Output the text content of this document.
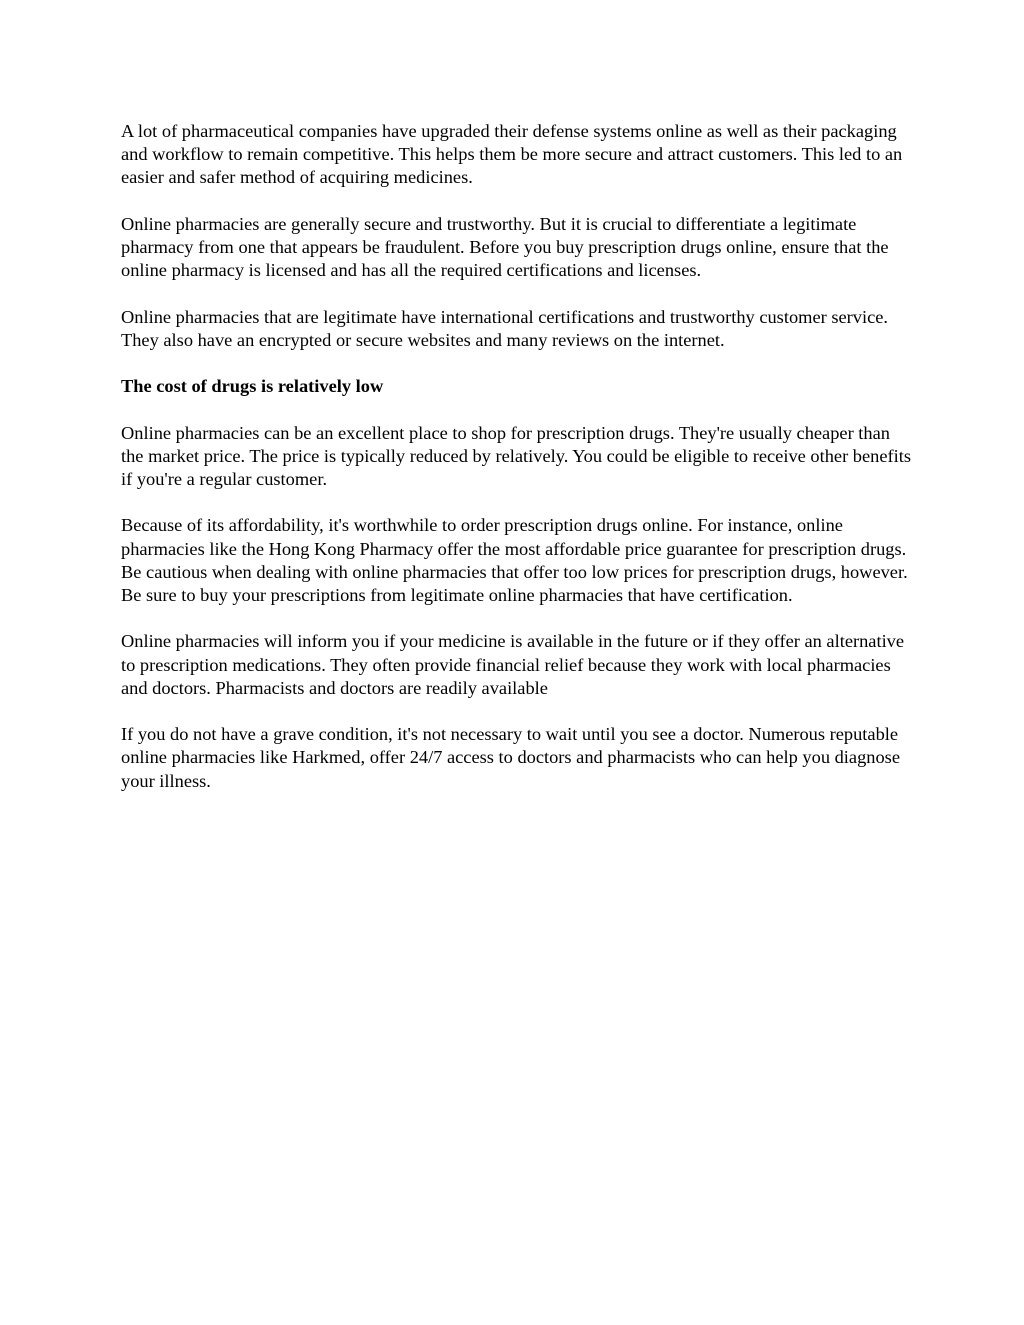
A lot of pharmaceutical companies have upgraded their defense systems online as well as their packaging and workflow to remain competitive. This helps them be more secure and attract customers. This led to an easier and safer method of acquiring medicines.

Online pharmacies are generally secure and trustworthy. But it is crucial to differentiate a legitimate pharmacy from one that appears be fraudulent. Before you buy prescription drugs online, ensure that the online pharmacy is licensed and has all the required certifications and licenses.

Online pharmacies that are legitimate have international certifications and trustworthy customer service. They also have an encrypted or secure websites and many reviews on the internet.

The cost of drugs is relatively low

Online pharmacies can be an excellent place to shop for prescription drugs. They're usually cheaper than the market price. The price is typically reduced by relatively. You could be eligible to receive other benefits if you're a regular customer.

Because of its affordability, it's worthwhile to order prescription drugs online. For instance, online pharmacies like the Hong Kong Pharmacy offer the most affordable price guarantee for prescription drugs. Be cautious when dealing with online pharmacies that offer too low prices for prescription drugs, however. Be sure to buy your prescriptions from legitimate online pharmacies that have certification.

Online pharmacies will inform you if your medicine is available in the future or if they offer an alternative to prescription medications. They often provide financial relief because they work with local pharmacies and doctors. Pharmacists and doctors are readily available

If you do not have a grave condition, it's not necessary to wait until you see a doctor. Numerous reputable online pharmacies like Harkmed, offer 24/7 access to doctors and pharmacists who can help you diagnose your illness.
